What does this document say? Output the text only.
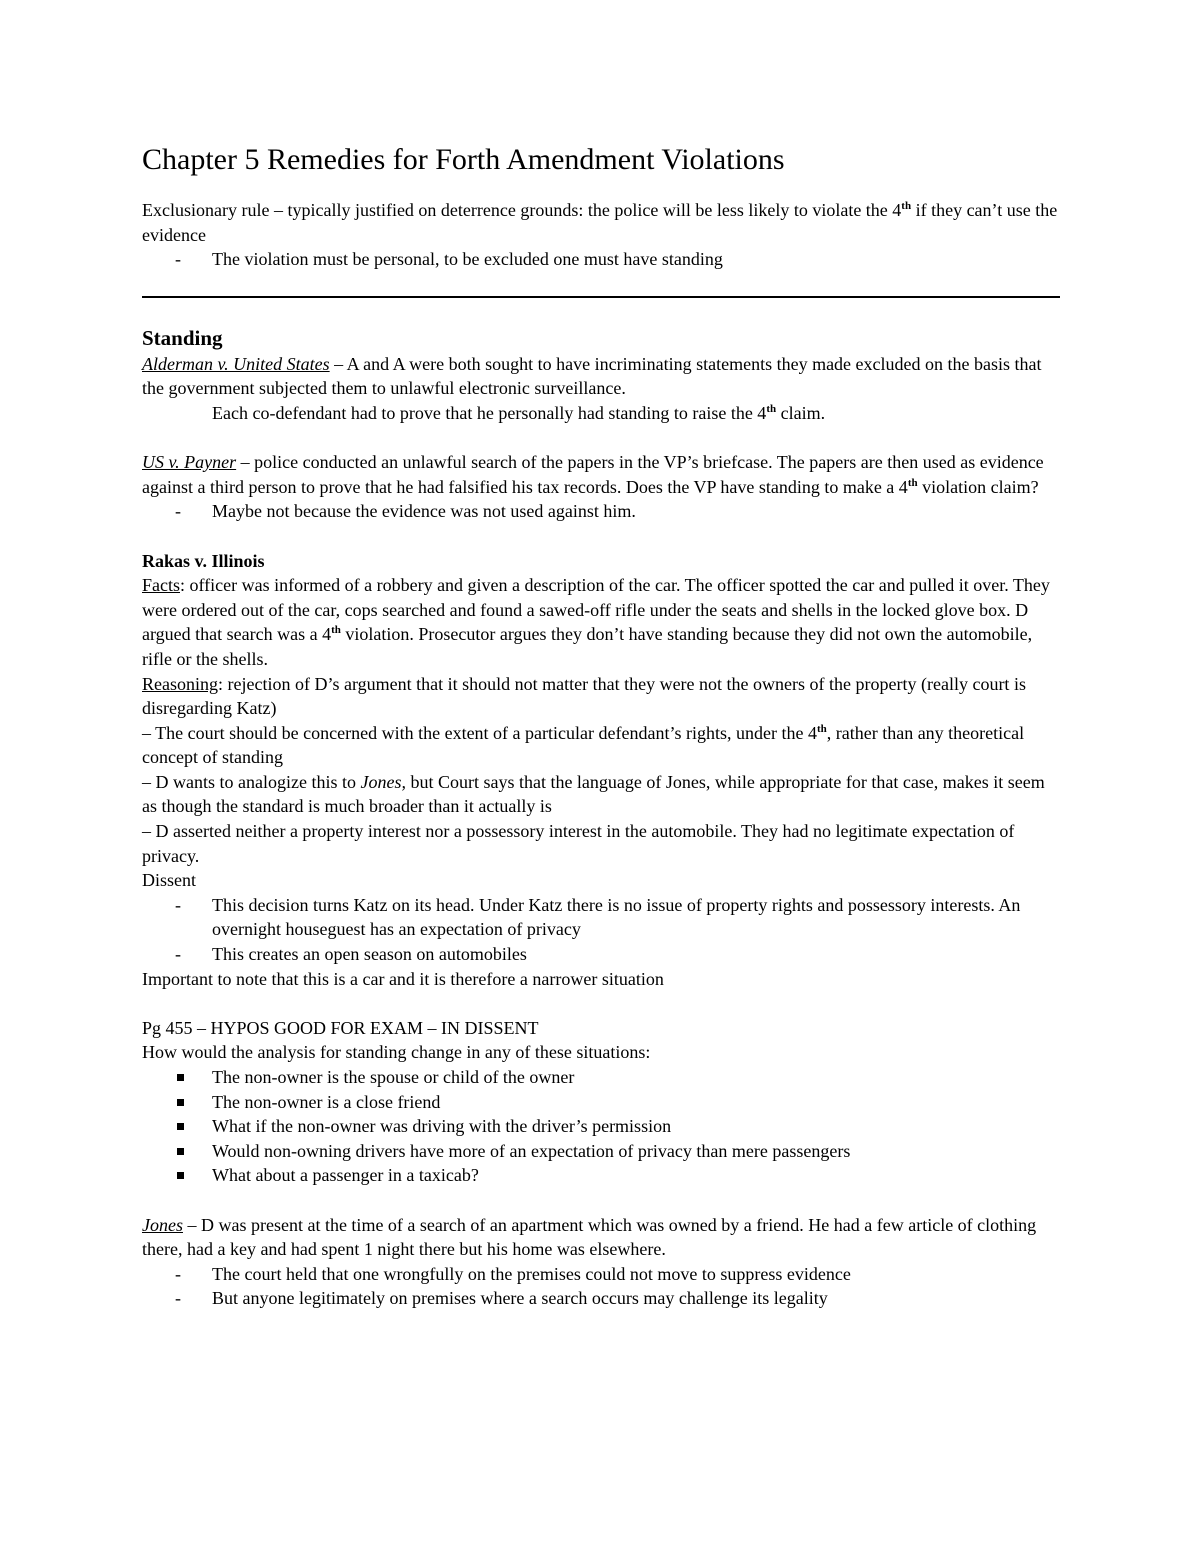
Chapter 5 Remedies for Forth Amendment Violations

Exclusionary rule – typically justified on deterrence grounds: the police will be less likely to violate the 4th if they can’t use the evidence

- The violation must be personal, to be excluded one must have standing
Standing

Alderman v. United States – A and A were both sought to have incriminating statements they made excluded on the basis that the government subjected them to unlawful electronic surveillance.

Each co-defendant had to prove that he personally had standing to raise the 4th claim.

US v. Payner – police conducted an unlawful search of the papers in the VP’s briefcase. The papers are then used as evidence against a third person to prove that he had falsified his tax records. Does the VP have standing to make a 4th violation claim?

- Maybe not because the evidence was not used against him.
Rakas v. Illinois

Facts: officer was informed of a robbery and given a description of the car. The officer spotted the car and pulled it over. They were ordered out of the car, cops searched and found a sawed-off rifle under the seats and shells in the locked glove box. D argued that search was a 4th violation. Prosecutor argues they don’t have standing because they did not own the automobile, rifle or the shells.

Reasoning: rejection of D’s argument that it should not matter that they were not the owners of the property (really court is disregarding Katz)

– The court should be concerned with the extent of a particular defendant’s rights, under the 4th, rather than any theoretical concept of standing

– D wants to analogize this to Jones, but Court says that the language of Jones, while appropriate for that case, makes it seem as though the standard is much broader than it actually is

– D asserted neither a property interest nor a possessory interest in the automobile. They had no legitimate expectation of privacy.

Dissent

- This decision turns Katz on its head. Under Katz there is no issue of property rights and possessory interests. An overnight houseguest has an expectation of privacy
- This creates an open season on automobiles

Important to note that this is a car and it is therefore a narrower situation

Pg 455 – HYPOS GOOD FOR EXAM – IN DISSENT

How would the analysis for standing change in any of these situations:

The non-owner is the spouse or child of the owner
The non-owner is a close friend
What if the non-owner was driving with the driver’s permission
Would non-owning drivers have more of an expectation of privacy than mere passengers
What about a passenger in a taxicab?

Jones – D was present at the time of a search of an apartment which was owned by a friend. He had a few article of clothing there, had a key and had spent 1 night there but his home was elsewhere.

- The court held that one wrongfully on the premises could not move to suppress evidence
- But anyone legitimately on premises where a search occurs may challenge its legality
